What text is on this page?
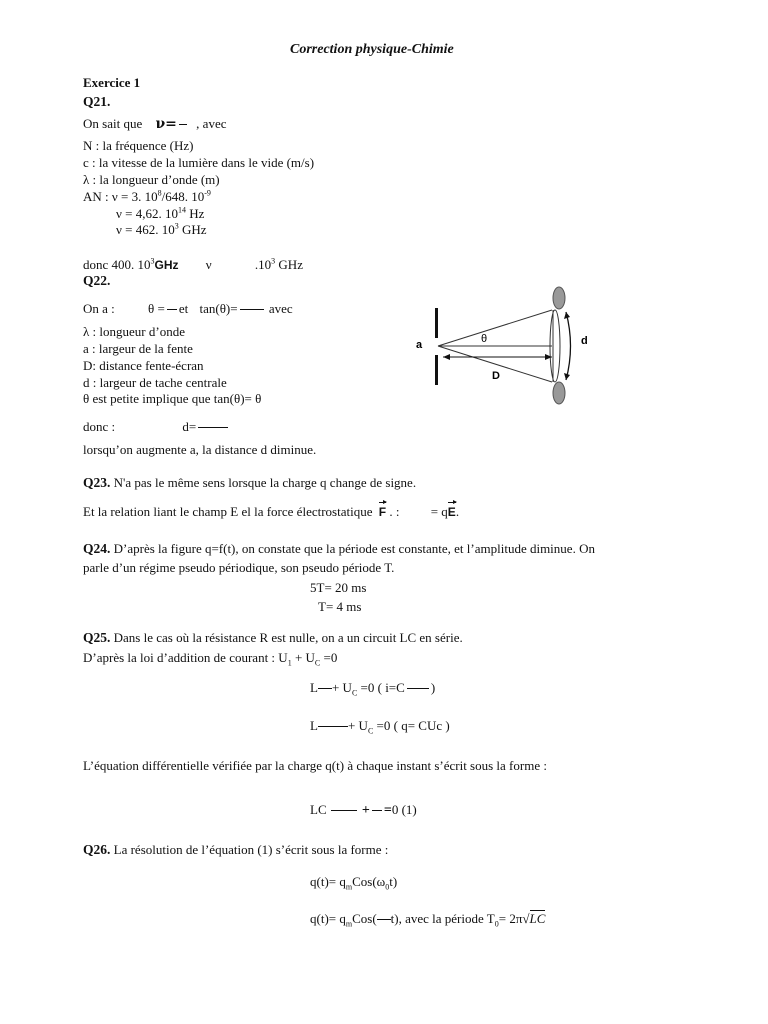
Correction physique-Chimie
Exercice 1
Q21.
On sait que ν= , avec
N : la fréquence (Hz)
c : la vitesse de la lumière dans le vide (m/s)
λ : la longueur d’onde (m)
AN : ν = 3. $10^8/648$. $10^{-9}$
ν = 4,62. $10^{14}$ Hz
ν = 462. $10^3$ GHz
donc 400. $10^3GHz$ ν	$.10^3$ GHz
Q22.
On a :	θ = et tan(θ)= avec
λ : longueur d’onde
a : largeur de la fente
D: distance fente-écran
d : largeur de tache centrale
θ est petite implique que tan(θ)= θ
donc :	d=
lorsqu’on augmente a, la distance d diminue.
a	θ	d
D
Q23. N'a pas le même sens lorsque la charge q change de signe.
Et la relation liant le champ E el la force électrostatique F . : = qE.
Q24. D’après la figure q=f(t), on constate que la période est constante, et l’amplitude diminue. On
parle d’un régime pseudo périodique, son pseudo période T.
5T= 20 ms
T= 4 ms
Q25. Dans le cas où la résistance R est nulle, on a un circuit LC en série.
D’après la loi d’addition de courant : $U_1 + U_C =0$
$L + U_C =0$ ( i=C )
$L + U_C =0$ ( q= CUc )
L’équation différentielle vérifiée par la charge q(t) à chaque instant s’écrit sous la forme :
LC	+ =0 (1)
Q26. La résolution de l’équation (1) s’écrit sous la forme :
$q(t)= q_mCos(\omega_0t)$
$q(t)= q_mCos$( t), avec la période $T_0= 2\pi√LC$
